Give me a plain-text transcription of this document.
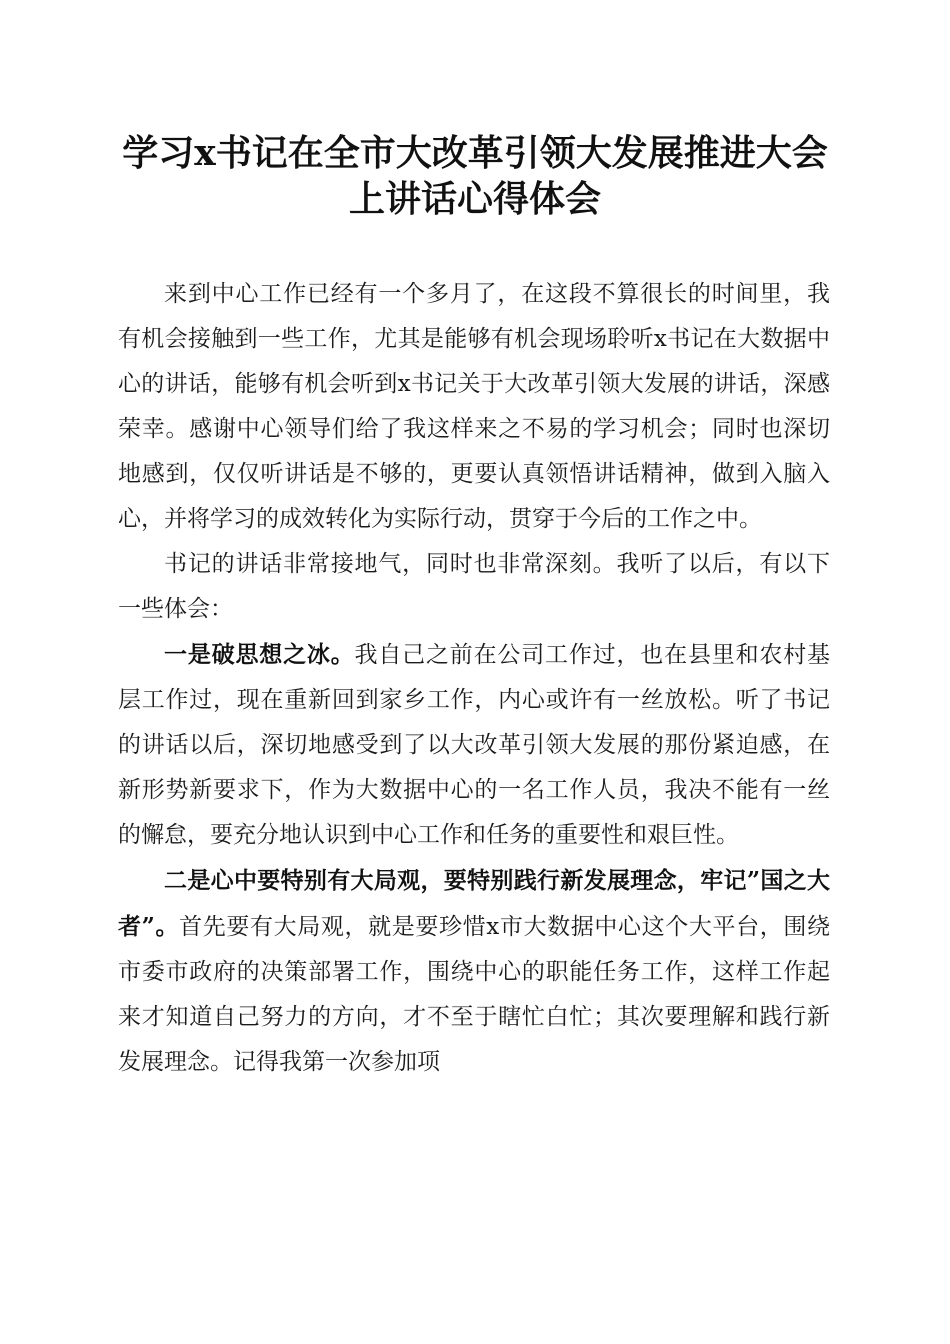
学习x书记在全市大改革引领大发展推进大会
上讲话心得体会

来到中心工作已经有一个多月了，在这段不算很长的时间里，我有机会接触到一些工作，尤其是能够有机会现场聆听x书记在大数据中心的讲话，能够有机会听到x书记关于大改革引领大发展的讲话，深感荣幸。感谢中心领导们给了我这样来之不易的学习机会；同时也深切地感到，仅仅听讲话是不够的，更要认真领悟讲话精神，做到入脑入心，并将学习的成效转化为实际行动，贯穿于今后的工作之中。

书记的讲话非常接地气，同时也非常深刻。我听了以后，有以下一些体会：

一是破思想之冰。我自己之前在公司工作过，也在县里和农村基层工作过，现在重新回到家乡工作，内心或许有一丝放松。听了书记的讲话以后，深切地感受到了以大改革引领大发展的那份紧迫感，在新形势新要求下，作为大数据中心的一名工作人员，我决不能有一丝的懈怠，要充分地认识到中心工作和任务的重要性和艰巨性。

二是心中要特别有大局观，要特别践行新发展理念，牢记”国之大者”。首先要有大局观，就是要珍惜x市大数据中心这个大平台，围绕市委市政府的决策部署工作，围绕中心的职能任务工作，这样工作起来才知道自己努力的方向，才不至于瞎忙白忙；其次要理解和践行新发展理念。记得我第一次参加项
